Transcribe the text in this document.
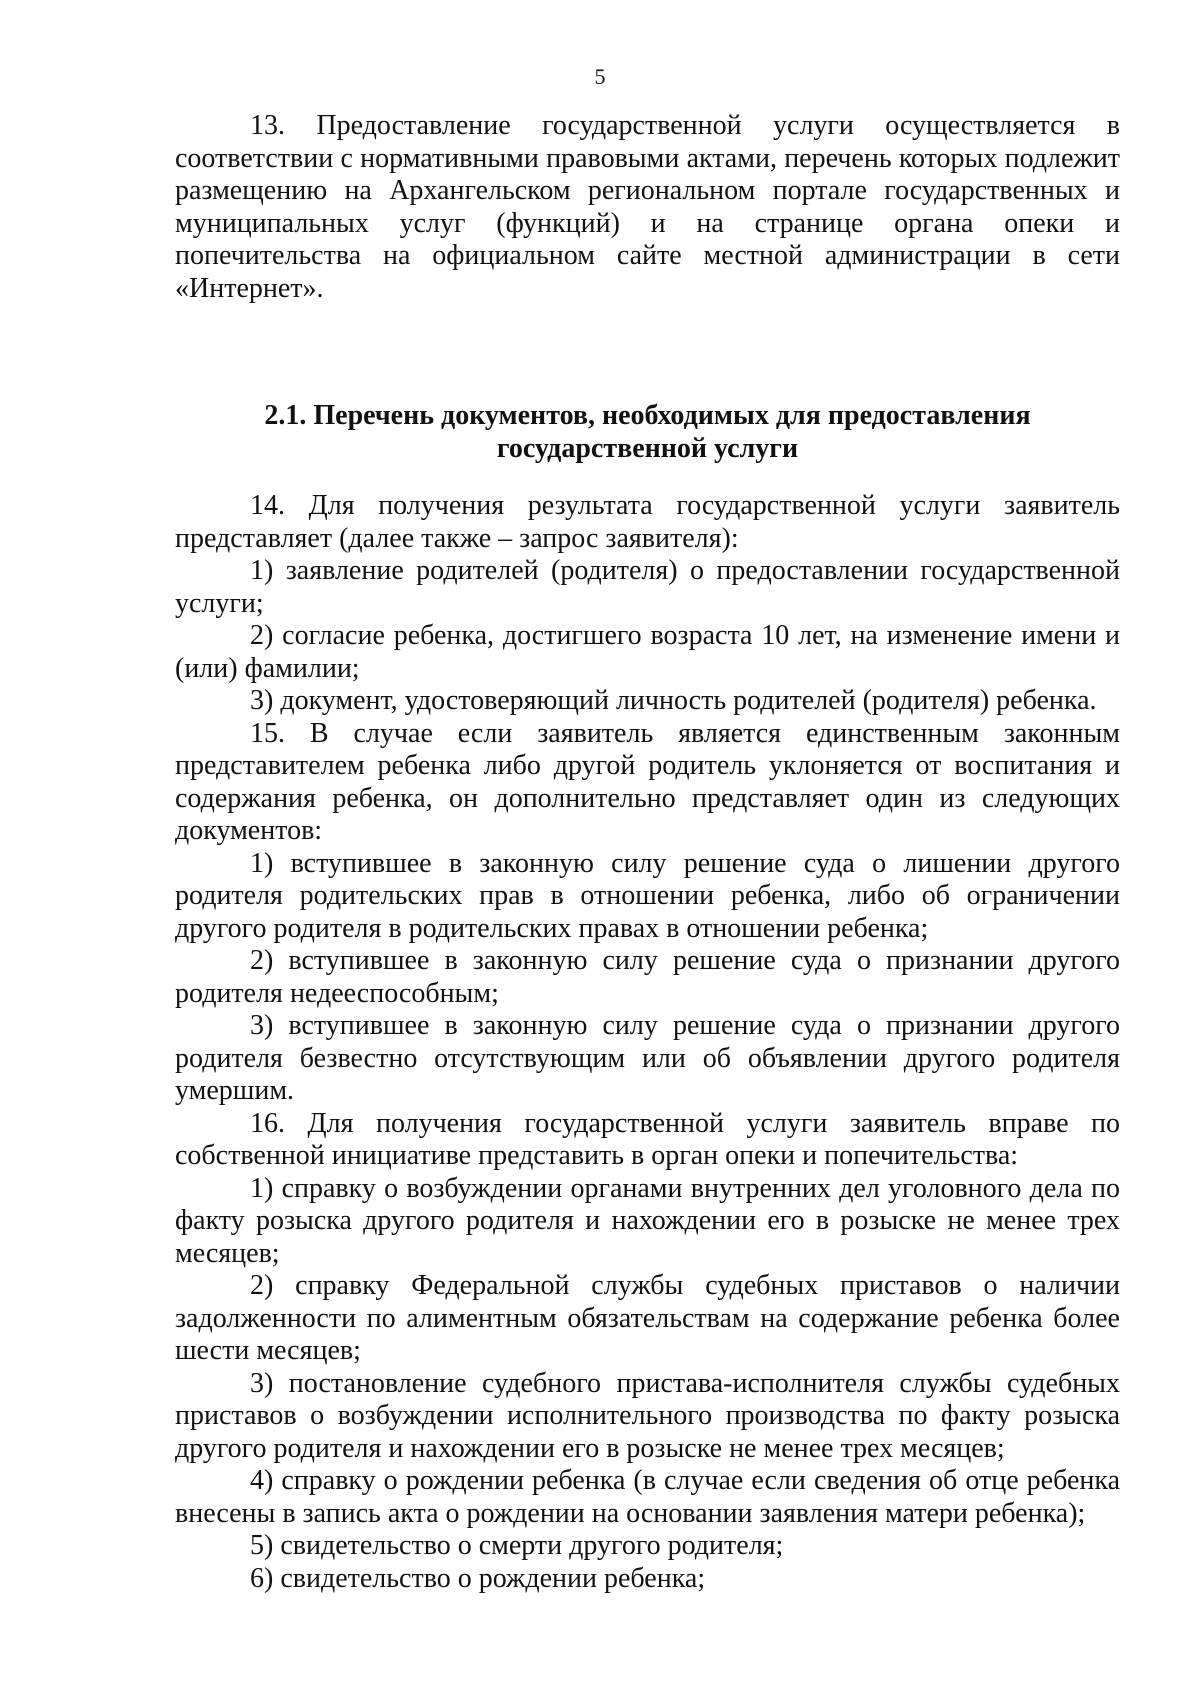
5

13. Предоставление государственной услуги осуществляется в соответствии с нормативными правовыми актами, перечень которых подлежит размещению на Архангельском региональном портале государственных и муниципальных услуг (функций) и на странице органа опеки и попечительства на официальном сайте местной администрации в сети «Интернет».

2.1. Перечень документов, необходимых для предоставления
государственной услуги

14. Для получения результата государственной услуги заявитель представляет (далее также – запрос заявителя):

1) заявление родителей (родителя) о предоставлении государственной услуги;

2) согласие ребенка, достигшего возраста 10 лет, на изменение имени и (или) фамилии;

3) документ, удостоверяющий личность родителей (родителя) ребенка.

15. В случае если заявитель является единственным законным представителем ребенка либо другой родитель уклоняется от воспитания и содержания ребенка, он дополнительно представляет один из следующих документов:

1) вступившее в законную силу решение суда о лишении другого родителя родительских прав в отношении ребенка, либо об ограничении другого родителя в родительских правах в отношении ребенка;

2) вступившее в законную силу решение суда о признании другого родителя недееспособным;

3) вступившее в законную силу решение суда о признании другого родителя безвестно отсутствующим или об объявлении другого родителя умершим.

16. Для получения государственной услуги заявитель вправе по собственной инициативе представить в орган опеки и попечительства:

1) справку о возбуждении органами внутренних дел уголовного дела по факту розыска другого родителя и нахождении его в розыске не менее трех месяцев;

2) справку Федеральной службы судебных приставов о наличии задолженности по алиментным обязательствам на содержание ребенка более шести месяцев;

3) постановление судебного пристава-исполнителя службы судебных приставов о возбуждении исполнительного производства по факту розыска другого родителя и нахождении его в розыске не менее трех месяцев;

4) справку о рождении ребенка (в случае если сведения об отце ребенка внесены в запись акта о рождении на основании заявления матери ребенка);

5) свидетельство о смерти другого родителя;

6) свидетельство о рождении ребенка;
